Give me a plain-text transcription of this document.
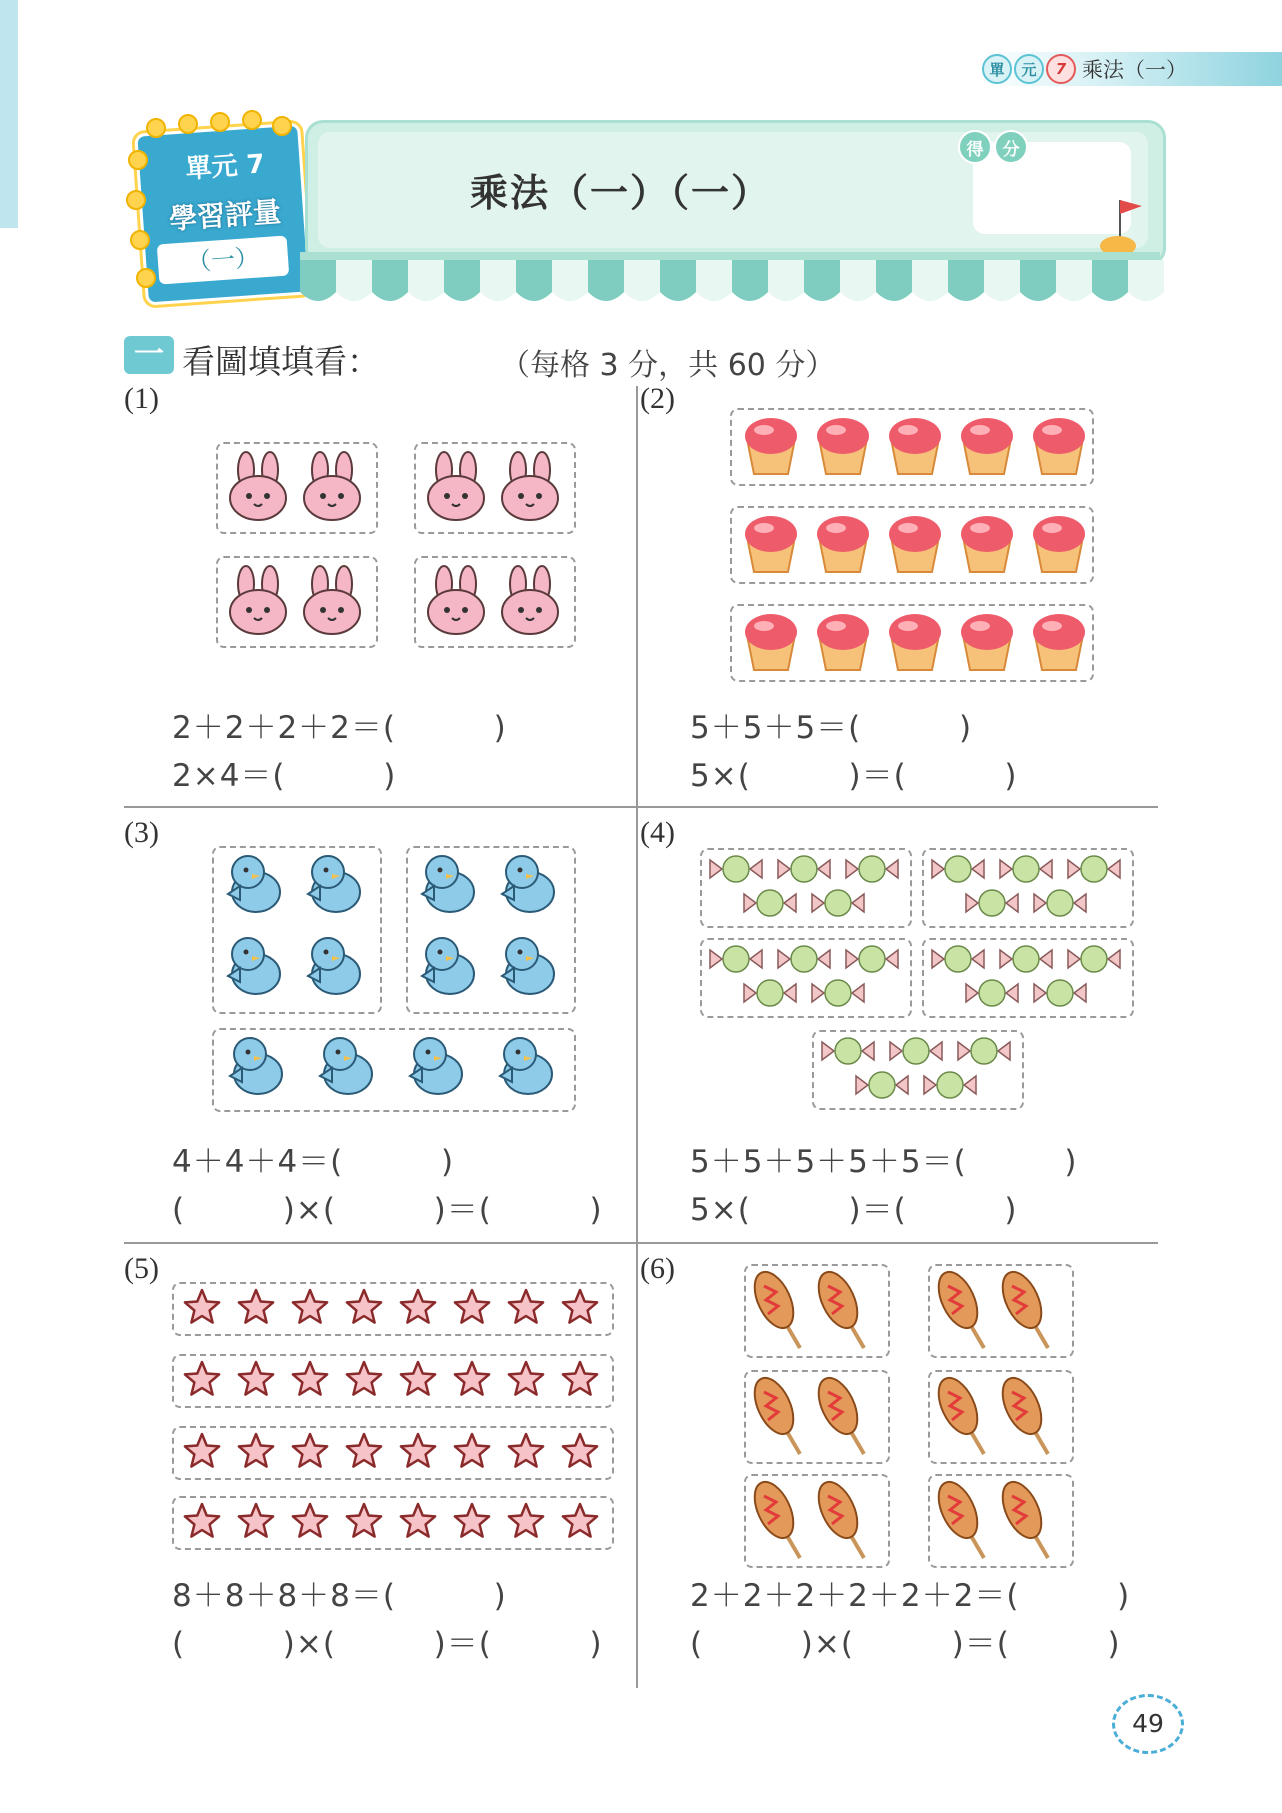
單	元	7 乘法（一）
單元 7
學習評量
（一）
乘法（一）（一）
得	分
一 看圖填填看：	（每格 3 分，共 60 分）
(1)
2＋2＋2＋2＝(         )
2×4＝(         )
(2)
5＋5＋5＝(         )
5×(         )＝(         )
(3)
4＋4＋4＝(         )
(         )×(         )＝(         )
(4)
5＋5＋5＋5＋5＝(         )
5×(         )＝(         )
(5)
8＋8＋8＋8＝(         )
(         )×(         )＝(         )
(6)
2＋2＋2＋2＋2＋2＝(         )
(         )×(         )＝(         )
49
